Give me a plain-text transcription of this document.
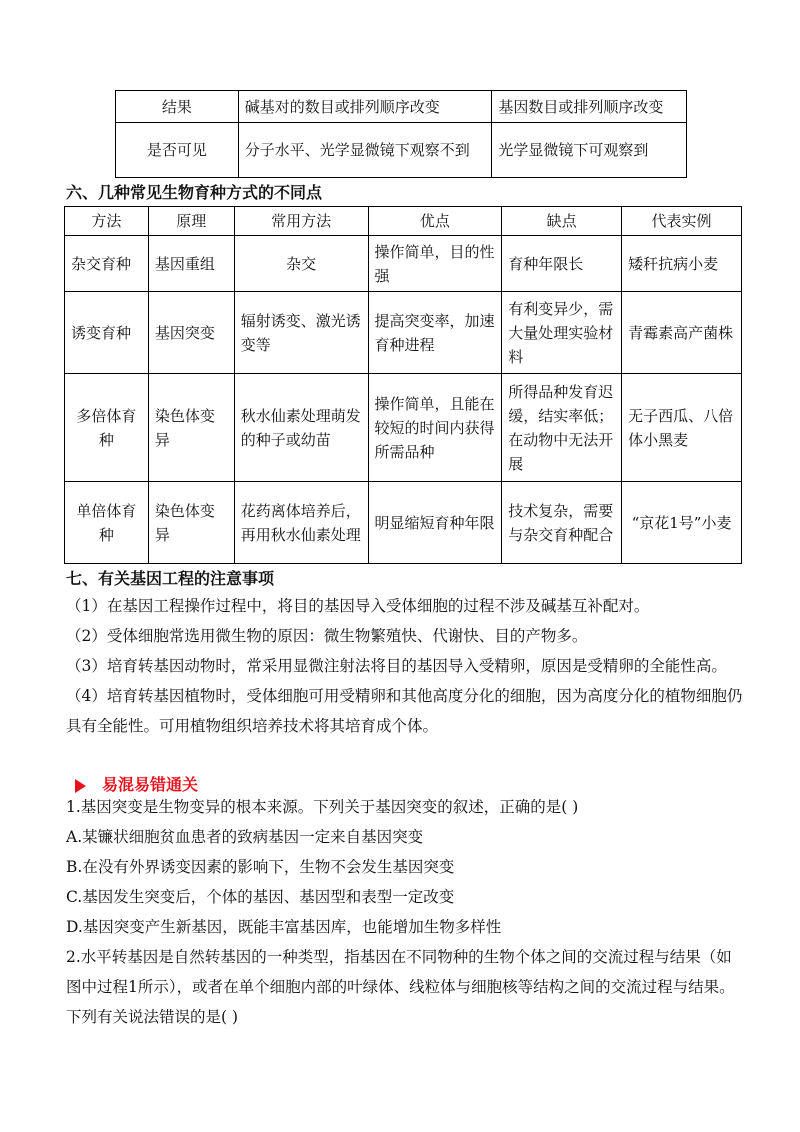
结果	碱基对的数目或排列顺序改变	基因数目或排列顺序改变
是否可见	分子水平、光学显微镜下观察不到	光学显微镜下可观察到
六、几种常见生物育种方式的不同点
方法	原理	常用方法	优点	缺点	代表实例
杂交育种	基因重组	杂交	操作简单，目的性强	育种年限长	矮秆抗病小麦
诱变育种	基因突变	辐射诱变、激光诱变等	提高突变率，加速育种进程	有利变异少，需大量处理实验材料	青霉素高产菌株
多倍体育种	染色体变异	秋水仙素处理萌发的种子或幼苗	操作简单，且能在较短的时间内获得所需品种	所得品种发育迟缓，结实率低；在动物中无法开展	无子西瓜、八倍体小黑麦
单倍体育种	染色体变异	花药离体培养后，再用秋水仙素处理	明显缩短育种年限	技术复杂，需要与杂交育种配合	“京花1号”小麦
七、有关基因工程的注意事项
（1）在基因工程操作过程中，将目的基因导入受体细胞的过程不涉及碱基互补配对。
（2）受体细胞常选用微生物的原因：微生物繁殖快、代谢快、目的产物多。
（3）培育转基因动物时，常采用显微注射法将目的基因导入受精卵，原因是受精卵的全能性高。
（4）培育转基因植物时，受体细胞可用受精卵和其他高度分化的细胞，因为高度分化的植物细胞仍具有全能性。可用植物组织培养技术将其培育成个体。
易混易错通关
1.基因突变是生物变异的根本来源。下列关于基因突变的叙述，正确的是( )
A.某镰状细胞贫血患者的致病基因一定来自基因突变
B.在没有外界诱变因素的影响下，生物不会发生基因突变
C.基因发生突变后，个体的基因、基因型和表型一定改变
D.基因突变产生新基因，既能丰富基因库，也能增加生物多样性
2.水平转基因是自然转基因的一种类型，指基因在不同物种的生物个体之间的交流过程与结果（如图中过程1所示），或者在单个细胞内部的叶绿体、线粒体与细胞核等结构之间的交流过程与结果。下列有关说法错误的是( )
